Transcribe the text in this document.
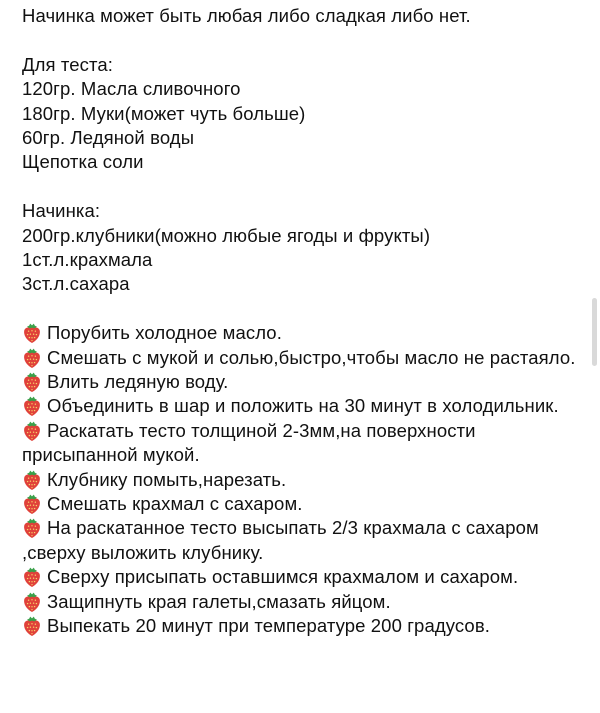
Начинка может быть любая либо сладкая либо нет.
Для теста:
120гр. Масла сливочного
180гр. Муки(может чуть больше)
60гр. Ледяной воды
Щепотка соли
Начинка:
200гр.клубники(можно любые ягоды и фрукты)
1ст.л.крахмала
3ст.л.сахара
Порубить холодное масло.
Смешать с мукой и солью,быстро,чтобы масло не растаяло.
Влить ледяную воду.
Объединить в шар и положить на 30 минут в холодильник.
Раскатать тесто толщиной 2-3мм,на поверхности присыпанной мукой.
Клубнику помыть,нарезать.
Смешать крахмал с сахаром.
На раскатанное тесто высыпать 2/3 крахмала с сахаром ,сверху выложить клубнику.
Сверху присыпать оставшимся крахмалом и сахаром.
Защипнуть края галеты,смазать яйцом.
Выпекать 20 минут при температуре 200 градусов.
